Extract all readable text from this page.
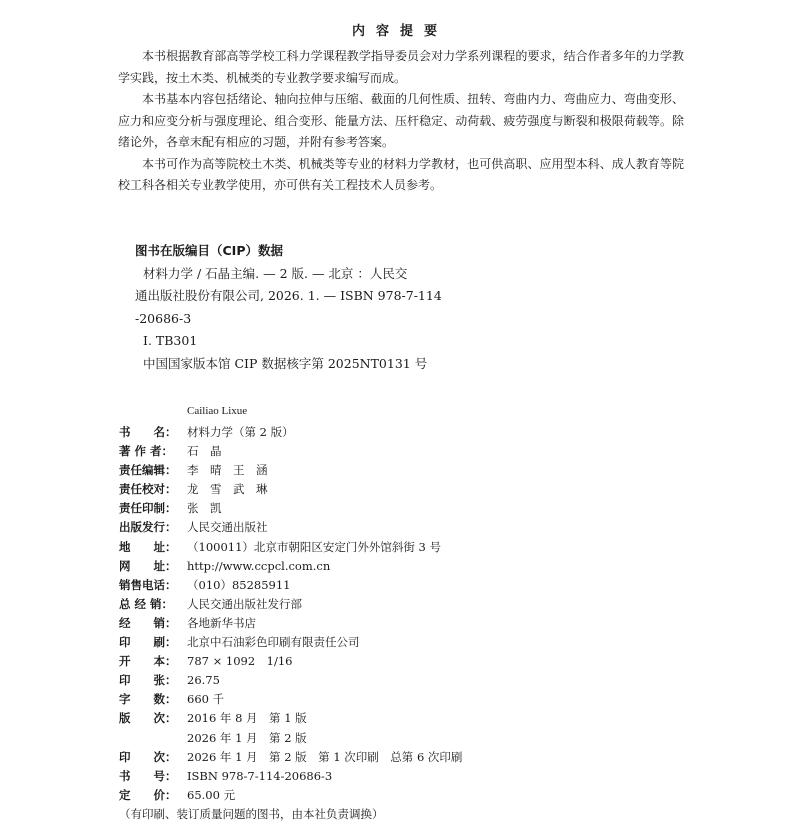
内容提要

本书根据教育部高等学校工科力学课程教学指导委员会对力学系列课程的要求，结合作者多年的力学教学实践，按土木类、机械类的专业教学要求编写而成。

本书基本内容包括绪论、轴向拉伸与压缩、截面的几何性质、扭转、弯曲内力、弯曲应力、弯曲变形、应力和应变分析与强度理论、组合变形、能量方法、压杆稳定、动荷载、疲劳强度与断裂和极限荷载等。除绪论外，各章末配有相应的习题，并附有参考答案。

本书可作为高等院校土木类、机械类等专业的材料力学教材，也可供高职、应用型本科、成人教育等院校工科各相关专业教学使用，亦可供有关工程技术人员参考。

图书在版编目（CIP）数据
材料力学 / 石晶主编. — 2 版. — 北京 ：人民交
通出版社股份有限公司, 2026. 1. — ISBN 978-7-114
-20686-3
Ⅰ. TB301
中国国家版本馆 CIP 数据核字第 2025NT0131 号
Cailiao Lixue
书　　名： 材料力学（第 2 版）
著 作 者：	石　晶
责任编辑： 李　晴　王　涵
责任校对： 龙　雪　武　琳
责任印制： 张　凯
出版发行： 人民交通出版社
地　　址： （100011）北京市朝阳区安定门外外馆斜街 3 号
网　　址： http://www.ccpcl.com.cn
销售电话： （010）85285911
总 经 销：	人民交通出版社发行部
经　　销： 各地新华书店
印　　刷： 北京中石油彩色印刷有限责任公司
开　　本： 787 × 1092　1/16
印　　张： 26.75
字　　数： 660 千
版　　次： 2016 年 8 月　第 1 版
2026 年 1 月　第 2 版
印　　次： 2026 年 1 月　第 2 版　第 1 次印刷　总第 6 次印刷
书　　号： ISBN 978-7-114-20686-3
定　　价： 65.00 元
（有印刷、装订质量问题的图书，由本社负责调换）
